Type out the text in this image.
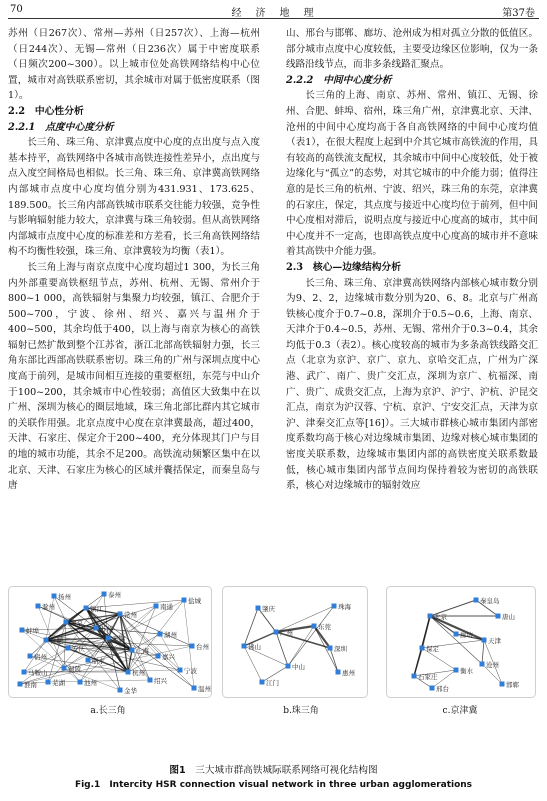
70	经　济　地　理	第37卷

苏州（日267次）、常州—苏州（日257次）、上海—杭州（日244次）、无锡—常州（日236次）属于中密度联系（日频次200~300）。以上城市位处高铁网络结构中心位置，城市对高铁联系密切，其余城市对属于低密度联系（图1）。

2.2　中心性分析
2.2.1　点度中心度分析

长三角、珠三角、京津冀点度中心度的点出度与点入度基本持平，高铁网络中各城市高铁连接性差异小，点出度与点入度空间格局也相似。长三角、珠三角、京津冀高铁网络内部城市点度中心度均值分别为431.931、173.625、189.500。长三角内部高铁城市联系交往能力较强，竞争性与影响辐射能力较大，京津冀与珠三角较弱。但从高铁网络内部城市点度中心度的标准差和方差看，长三角高铁网络结构不均衡性较强，珠三角、京津冀较为均衡（表1）。

长三角上海与南京点度中心度均超过1 300，为长三角内外部重要高铁枢纽节点，苏州、杭州、无锡、常州介于800~1 000，高铁辐射与集聚力均较强，镇江、合肥介于500~700，宁波、徐州、绍兴、嘉兴与温州介于400~500，其余均低于400，以上海与南京为核心的高铁辐射已然扩散到整个江苏省，浙江北部高铁辐射力强，长三角东部比西部高铁联系密切。珠三角的广州与深圳点度中心度高于前列，是城市间相互连接的重要枢纽，东莞与中山介于100~200，其余城市中心性较弱；高值区大致集中在以广州、深圳为核心的圈层地域，珠三角北部比群内其它城市的关联作用强。北京点度中心度在京津冀最高，超过400，天津、石家庄、保定介于200~400，充分体现其门户与目的地的城市功能，其余不足200。高铁流动频繁区集中在以北京、天津、石家庄为核心的区域并囊括保定，而秦皇岛与唐

山、邢台与邯郸、廊坊、沧州成为相对孤立分散的低值区。部分城市点度中心度较低，主要受边缘区位影响，仅为一条线路沿线节点，而非多条线路汇聚点。

2.2.2　中间中心度分析

长三角的上海、南京、苏州、常州、镇江、无锡、徐州、合肥、蚌埠、宿州，珠三角广州，京津冀北京、天津、沧州的中间中心度均高于各自高铁网络的中间中心度均值（表1），在很大程度上起到中介其它城市高铁流的作用，具有较高的高铁流支配权，其余城市中间中心度较低，处于被边缘化与“孤立”的态势，对其它城市的中介能力弱；值得注意的是长三角的杭州、宁波、绍兴，珠三角的东莞，京津冀的石家庄，保定，其点度与接近中心度均位于前列，但中间中心度相对滞后，说明点度与接近中心度高的城市，其中间中心度并不一定高，也即高铁点度中心度高的城市并不意味着其高铁中介能力强。

2.3　核心—边缘结构分析

长三角、珠三角、京津冀高铁网络内部核心城市数分别为9、2、2，边缘城市数分别为20、6、8。北京与广州高铁核心度介于0.7~0.8，深圳介于0.5~0.6，上海、南京、天津介于0.4~0.5，苏州、无锡、常州介于0.3~0.4，其余均低于0.3（表2）。核心度较高的城市为多条高铁线路交汇点（北京为京沪、京广、京九、京哈交汇点，广州为广深港、武广、南广、贵广交汇点，深圳为京广、杭福深、南广、贵广、成贵交汇点，上海为京沪、沪宁、沪杭、沪昆交汇点，南京为沪汉蓉、宁杭、京沪、宁安交汇点，天津为京沪、津秦交汇点等[16]）。三大城市群核心城市集团内部密度系数均高于核心对边缘城市集团、边缘对核心城市集团的密度关联系数，边缘城市集团内部的高铁密度关联系数最低，核心城市集团内部节点间均保持着较为密切的高铁联系，核心对边缘城市的辐射效应

苏州
南京
常州
镇江
无锡	湖州
上海
嘉兴
杭州
金华
宁波
绍兴
滁州
蚌埠
宿州
马鞍山
芜湖
铜陵
池州
合肥
安庆
淮南
盐城
南通
扬州	泰州
台州
温州
丽水
肇庆
佛山
广州
东莞
深圳
惠州
中山
珠海
江门
秦皇岛
北京	唐山
廊坊
天津
保定
沧州
石家庄
衡水
邢台	邯郸
a.长三角	b.珠三角	c.京津冀
图1　 三大城市群高铁城际联系网络可视化结构图
Fig.1　 Intercity HSR connection visual network in three urban agglomerations
